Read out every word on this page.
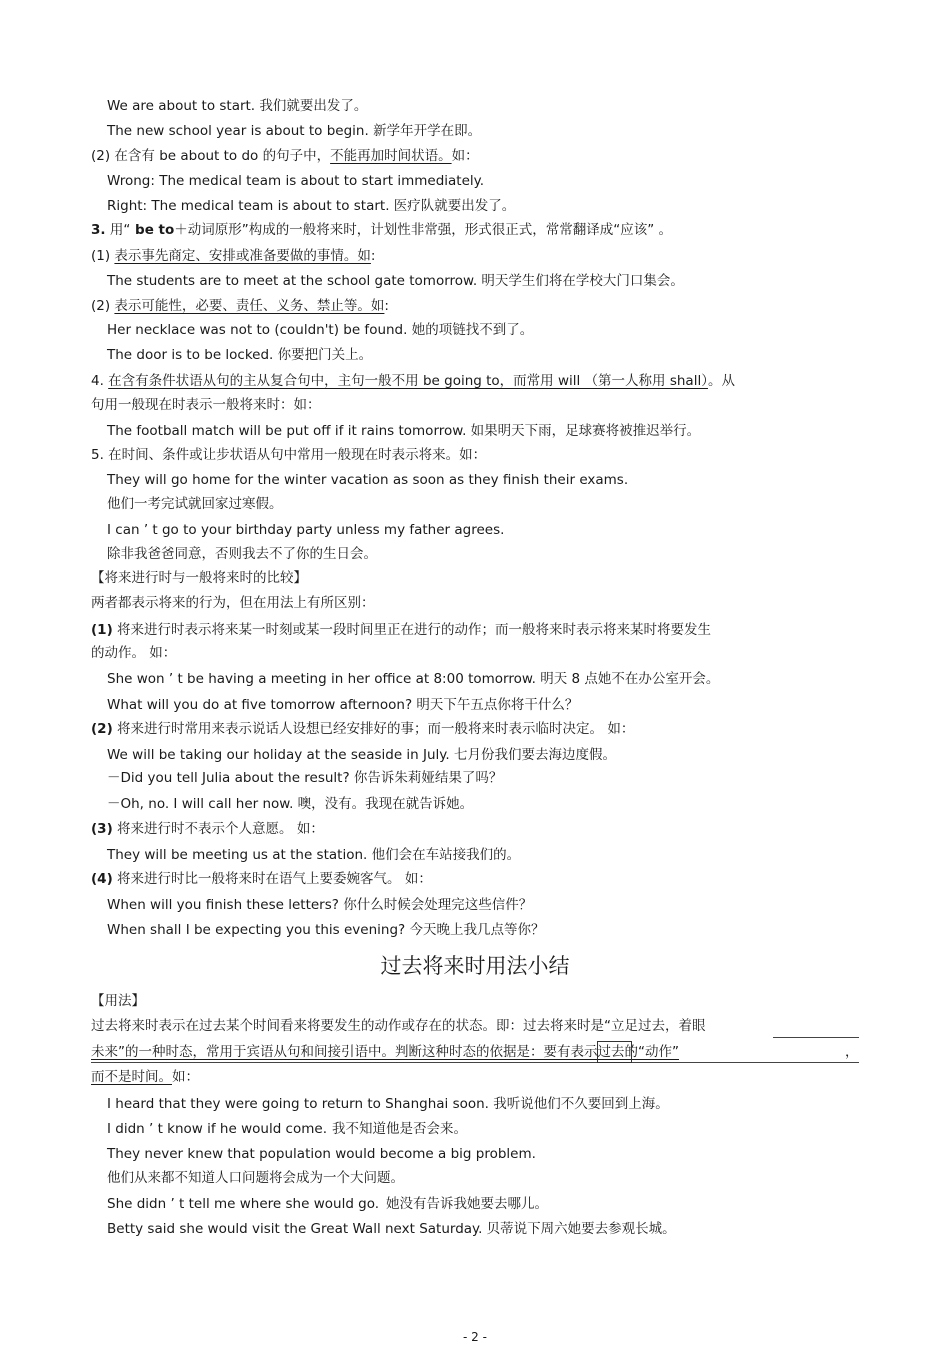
We are about to start. 我们就要出发了。
The new school year is about to begin. 新学年开学在即。
(2) 在含有 be about to do 的句子中，不能再加时间状语。如：
Wrong: The medical team is about to start immediately.
Right: The medical team is about to start. 医疗队就要出发了。
3. 用“ be to＋动词原形”构成的一般将来时，计划性非常强，形式很正式，常常翻译成“应该” 。
(1) 表示事先商定、安排或准备要做的事情。如:
The students are to meet at the school gate tomorrow. 明天学生们将在学校大门口集会。
(2) 表示可能性，必要、责任、义务、禁止等。如:
Her necklace was not to (couldn't) be found. 她的项链找不到了。
The door is to be locked. 你要把门关上。
4. 在含有条件状语从句的主从复合句中，主句一般不用 be going to，而常用 will （第一人称用 shall）。从
句用一般现在时表示一般将来时：如：
The football match will be put off if it rains tomorrow. 如果明天下雨，足球赛将被推迟举行。
5. 在时间、条件或让步状语从句中常用一般现在时表示将来。如：
They will go home for the winter vacation as soon as they finish their exams.
他们一考完试就回家过寒假。
I can ’ t go to your birthday party unless my father agrees.
除非我爸爸同意，否则我去不了你的生日会。
【将来进行时与一般将来时的比较】
两者都表示将来的行为，但在用法上有所区别：
(1) 将来进行时表示将来某一时刻或某一段时间里正在进行的动作；而一般将来时表示将来某时将要发生
的动作。 如：
She won ’ t be having a meeting in her office at 8:00 tomorrow. 明天 8 点她不在办公室开会。
What will you do at five tomorrow afternoon? 明天下午五点你将干什么？
(2) 将来进行时常用来表示说话人设想已经安排好的事；而一般将来时表示临时决定。 如：
We will be taking our holiday at the seaside in July. 七月份我们要去海边度假。
－Did you tell Julia about the result? 你告诉朱莉娅结果了吗？
－Oh, no. I will call her now. 噢，没有。我现在就告诉她。
(3) 将来进行时不表示个人意愿。 如：
They will be meeting us at the station. 他们会在车站接我们的。
(4) 将来进行时比一般将来时在语气上要委婉客气。 如：
When will you finish these letters? 你什么时候会处理完这些信件？
When shall I be expecting you this evening? 今天晚上我几点等你？
过去将来时用法小结
【用法】
过去将来时表示在过去某个时间看来将要发生的动作或存在的状态。即：过去将来时是“立足过去，着眼
未来”的一种时态，常用于宾语从句和间接引语中。判断这种时态的依据是：要有表示过去的“动作”	，
而不是时间。如：
I heard that they were going to return to Shanghai soon. 我听说他们不久要回到上海。
I didn ’ t know if he would come. 我不知道他是否会来。
They never knew that population would become a big problem.
他们从来都不知道人口问题将会成为一个大问题。
She didn ’ t tell me where she would go. 她没有告诉我她要去哪儿。
Betty said she would visit the Great Wall next Saturday. 贝蒂说下周六她要去参观长城。
- 2 -
